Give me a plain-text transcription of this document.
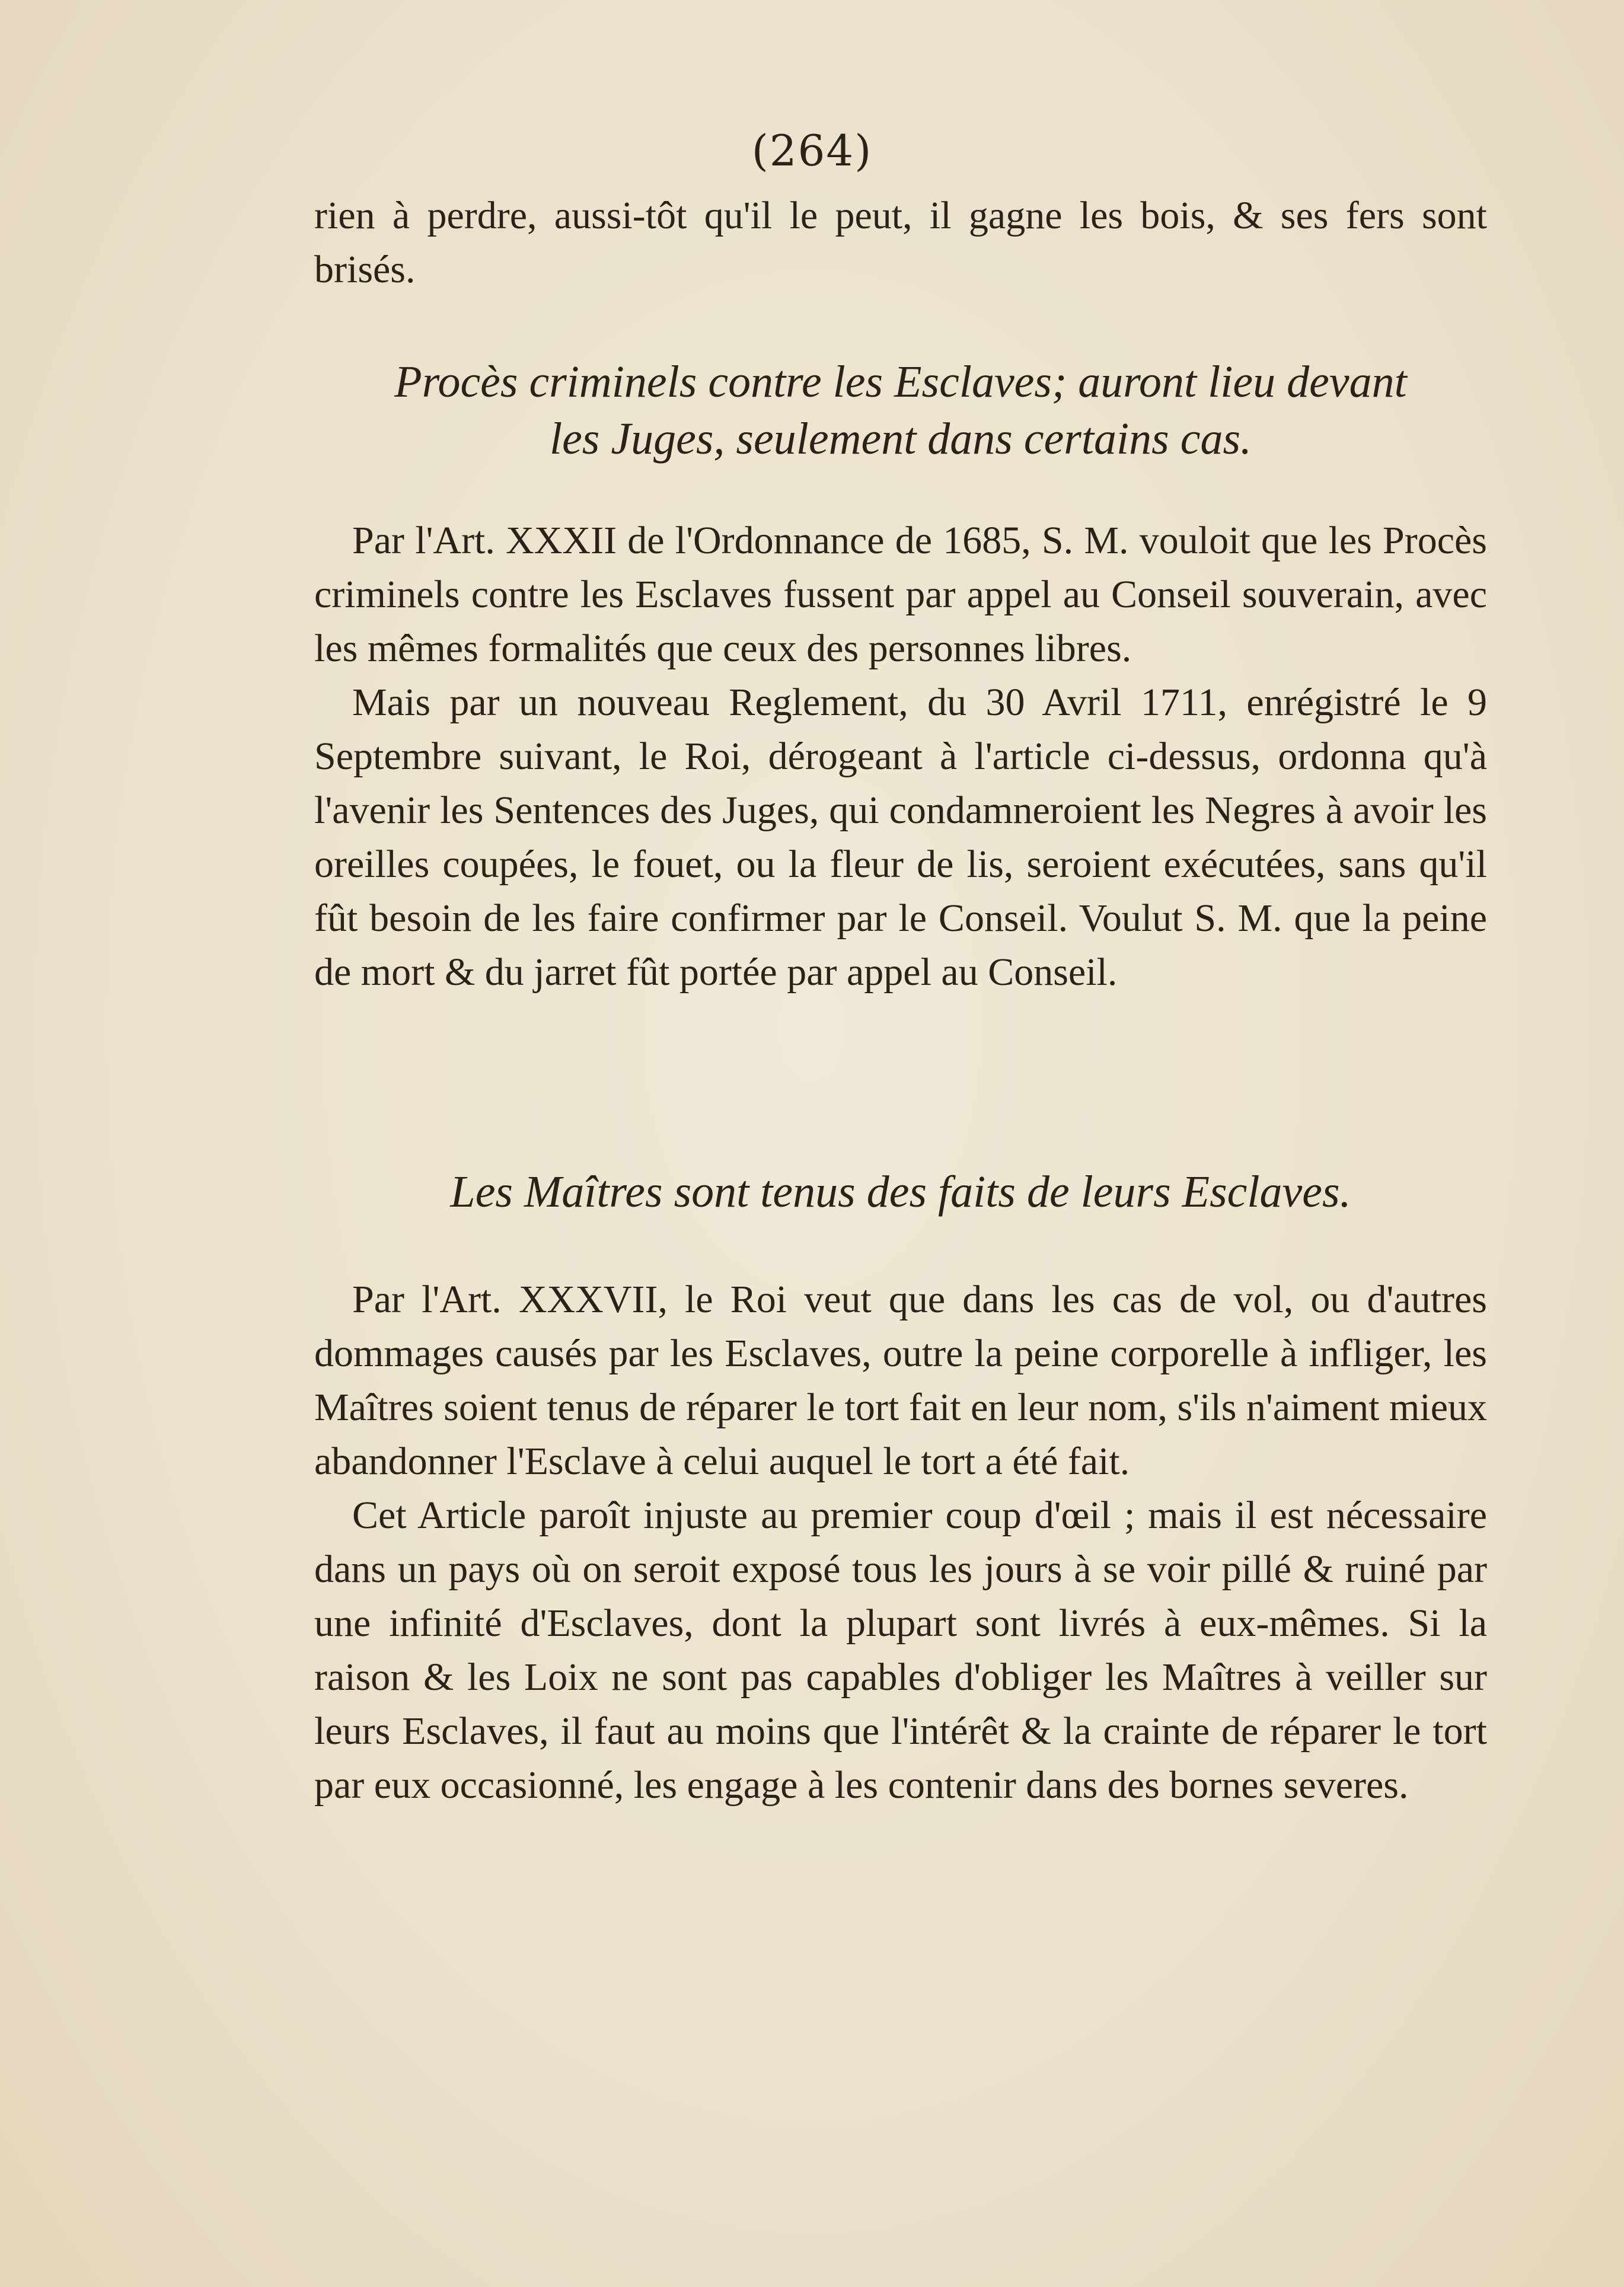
(264)

rien à perdre, aussi-tôt qu'il le peut, il gagne les bois, & ses fers sont brisés.

Procès criminels contre les Esclaves; auront lieu devant
les Juges, seulement dans certains cas.

Par l'Art. XXXII de l'Ordonnance de 1685, S. M. vouloit que les Procès criminels contre les Esclaves fussent par appel au Conseil souverain, avec les mêmes formalités que ceux des personnes libres.

Mais par un nouveau Reglement, du 30 Avril 1711, enrégistré le 9 Septembre suivant, le Roi, dérogeant à l'article ci-dessus, ordonna qu'à l'avenir les Sentences des Juges, qui condamneroient les Negres à avoir les oreilles coupées, le fouet, ou la fleur de lis, seroient exécutées, sans qu'il fût besoin de les faire confirmer par le Conseil. Voulut S. M. que la peine de mort & du jarret fût portée par appel au Conseil.

Les Maîtres sont tenus des faits de leurs Esclaves.

Par l'Art. XXXVII, le Roi veut que dans les cas de vol, ou d'autres dommages causés par les Esclaves, outre la peine corporelle à infliger, les Maîtres soient tenus de réparer le tort fait en leur nom, s'ils n'aiment mieux abandonner l'Esclave à celui auquel le tort a été fait.

Cet Article paroît injuste au premier coup d'œil ; mais il est nécessaire dans un pays où on seroit exposé tous les jours à se voir pillé & ruiné par une infinité d'Esclaves, dont la plupart sont livrés à eux-mêmes. Si la raison & les Loix ne sont pas capables d'obliger les Maîtres à veiller sur leurs Esclaves, il faut au moins que l'intérêt & la crainte de réparer le tort par eux occasionné, les engage à les contenir dans des bornes severes.
